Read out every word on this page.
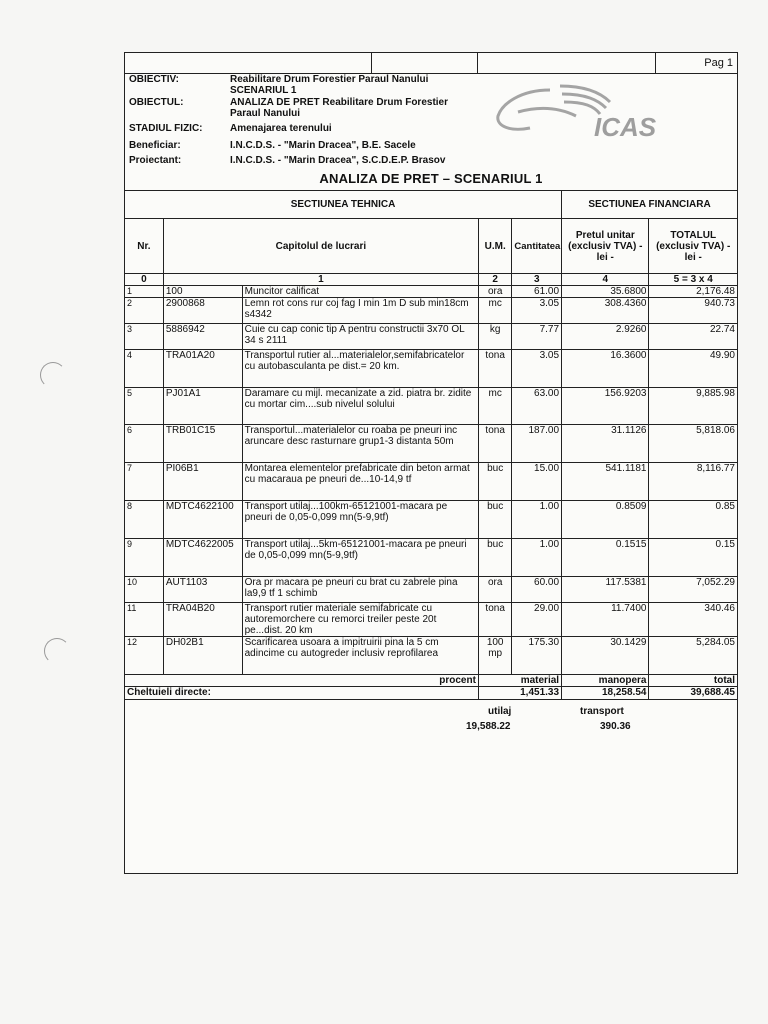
Pag 1
OBIECTIV:	Reabilitare Drum Forestier Paraul Nanului SCENARIUL 1
OBIECTUL:	ANALIZA DE PRET Reabilitare Drum Forestier Paraul Nanului
STADIUL FIZIC:	Amenajarea terenului
Beneficiar:	I.N.C.D.S. - "Marin Dracea", B.E. Sacele
Proiectant:	I.N.C.D.S. - "Marin Dracea", S.C.D.E.P. Brasov
ICAS
ANALIZA DE PRET – SCENARIUL 1
SECTIUNEA TEHNICA					SECTIUNEA FINANCIARA	
Nr.	Capitolul de lucrari		U.M.	Cantitatea	Pretul unitar (exclusiv TVA) - lei -	TOTALUL (exclusiv TVA) - lei -
0	1		2	3	4	5 = 3 x 4
1	100	Muncitor calificat	ora	61.00	35.6800	2,176.48
2	2900868	Lemn rot cons rur coj fag I min 1m D sub min18cm s4342	mc	3.05	308.4360	940.73
3	5886942	Cuie cu cap conic tip A pentru constructii 3x70 OL 34 s 2111	kg	7.77	2.9260	22.74
4	TRA01A20	Transportul rutier al...materialelor,semifabricatelor cu autobasculanta pe dist.= 20 km.	tona	3.05	16.3600	49.90
5	PJ01A1	Daramare cu mijl. mecanizate a zid. piatra br. zidite cu mortar cim....sub nivelul solului	mc	63.00	156.9203	9,885.98
6	TRB01C15	Transportul...materialelor cu roaba pe pneuri inc aruncare desc rasturnare grup1-3 distanta 50m	tona	187.00	31.1126	5,818.06
7	PI06B1	Montarea elementelor prefabricate din beton armat cu macaraua pe pneuri de...10-14,9 tf	buc	15.00	541.1181	8,116.77
8	MDTC4622100	Transport utilaj...100km-65121001-macara pe pneuri de 0,05-0,099 mn(5-9,9tf)	buc	1.00	0.8509	0.85
9	MDTC4622005	Transport utilaj...5km-65121001-macara pe pneuri de 0,05-0,099 mn(5-9,9tf)	buc	1.00	0.1515	0.15
10	AUT1103	Ora pr macara pe pneuri cu brat cu zabrele pina la9,9 tf 1 schimb	ora	60.00	117.5381	7,052.29
11	TRA04B20	Transport rutier materiale semifabricate cu autoremorchere cu remorci treiler peste 20t pe...dist. 20 km	tona	29.00	11.7400	340.46
12	DH02B1	Scarificarea usoara a impitruirii pina la 5 cm adincime cu autogreder inclusiv reprofilarea	100 mp	175.30	30.1429	5,284.05
procent			material		manopera	total
Cheltuieli directe:			1,451.33		18,258.54	39,688.45
utilaj	transport
19,588.22	390.36
